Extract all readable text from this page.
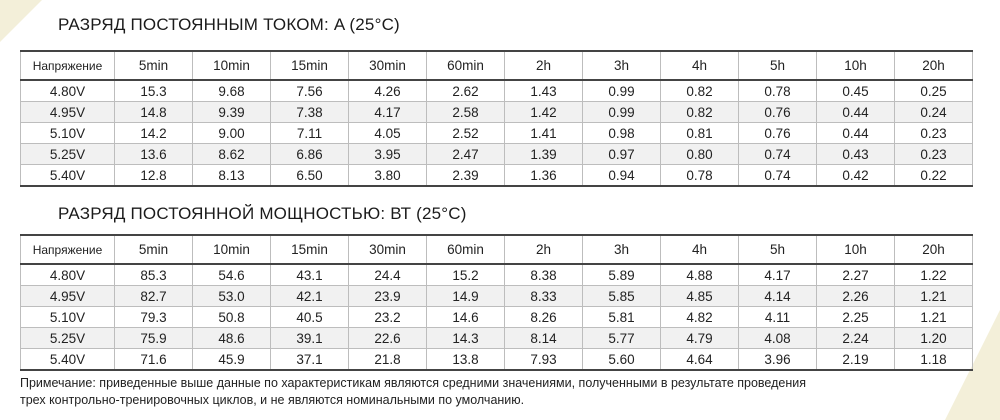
РАЗРЯД ПОСТОЯННЫМ ТОКОМ: A (25°C)
Напряжение	5min	10min	15min	30min	60min	2h	3h	4h	5h	10h	20h
4.80V	15.3	9.68	7.56	4.26	2.62	1.43	0.99	0.82	0.78	0.45	0.25
4.95V	14.8	9.39	7.38	4.17	2.58	1.42	0.99	0.82	0.76	0.44	0.24
5.10V	14.2	9.00	7.11	4.05	2.52	1.41	0.98	0.81	0.76	0.44	0.23
5.25V	13.6	8.62	6.86	3.95	2.47	1.39	0.97	0.80	0.74	0.43	0.23
5.40V	12.8	8.13	6.50	3.80	2.39	1.36	0.94	0.78	0.74	0.42	0.22
РАЗРЯД ПОСТОЯННОЙ МОЩНОСТЬЮ: ВТ (25°C)
Напряжение	5min	10min	15min	30min	60min	2h	3h	4h	5h	10h	20h
4.80V	85.3	54.6	43.1	24.4	15.2	8.38	5.89	4.88	4.17	2.27	1.22
4.95V	82.7	53.0	42.1	23.9	14.9	8.33	5.85	4.85	4.14	2.26	1.21
5.10V	79.3	50.8	40.5	23.2	14.6	8.26	5.81	4.82	4.11	2.25	1.21
5.25V	75.9	48.6	39.1	22.6	14.3	8.14	5.77	4.79	4.08	2.24	1.20
5.40V	71.6	45.9	37.1	21.8	13.8	7.93	5.60	4.64	3.96	2.19	1.18
Примечание: приведенные выше данные по характеристикам являются средними значениями, полученными в результате проведения
трех контрольно-тренировочных циклов, и не являются номинальными по умолчанию.
